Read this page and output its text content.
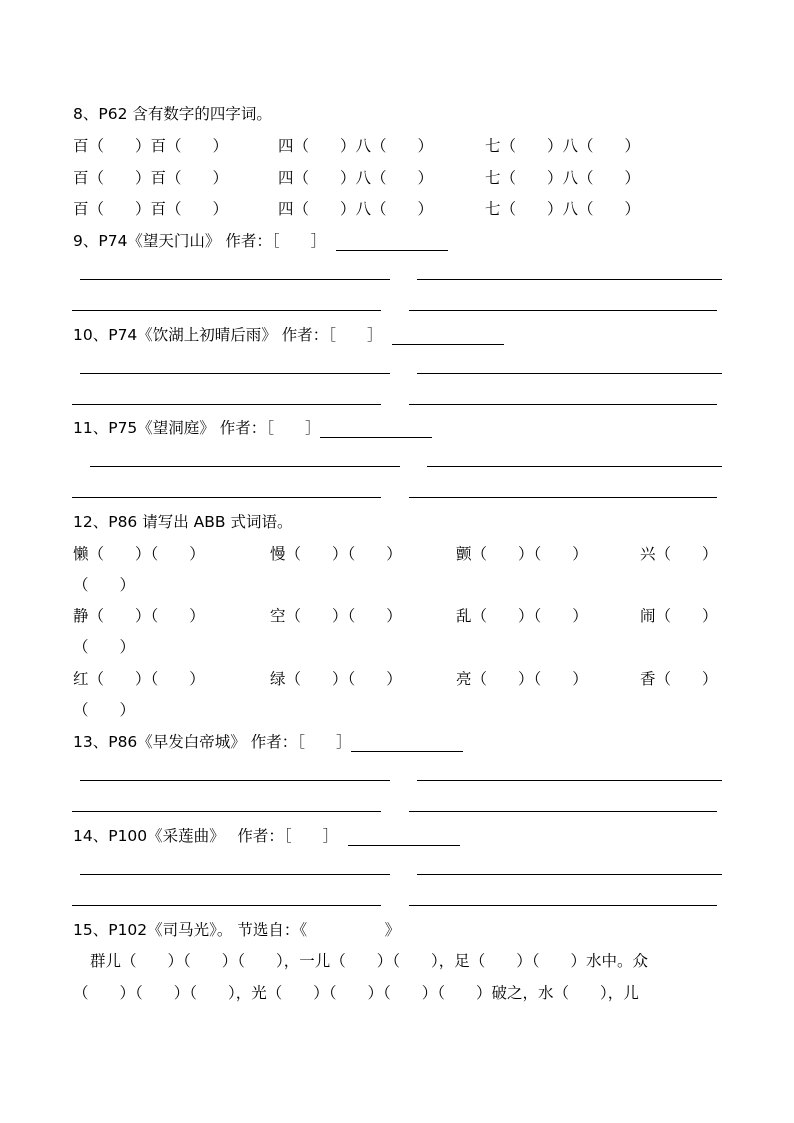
8、P62 含有数字的四字词。
百（　　）百（　　）	四（　　）八（　　）	七（　　）八（　　）
百（　　）百（　　）	四（　　）八（　　）	七（　　）八（　　）
百（　　）百（　　）	四（　　）八（　　）	七（　　）八（　　）
9、P74《望天门山》 作者：［　　］
10、P74《饮湖上初晴后雨》 作者：［　　］
11、P75《望洞庭》 作者：［　　］
12、P86 请写出 ABB 式词语。
懒（　　）（　　）	慢（　　）（　　）	颤（　　）（　　）	兴（　　）
（　　）
静（　　）（　　）	空（　　）（　　）	乱（　　）（　　）	闹（　　）
（　　）
红（　　）（　　）	绿（　　）（　　）	亮（　　）（　　）	香（　　）
（　　）
13、P86《早发白帝城》 作者：［　　］
14、P100《采莲曲》　 作者：［　　］
15、P102《司马光》。 节选自：《　　　　　》
群儿（　　）（　　）（　　），一儿（　　）（　　），足（　　）（　　）水中。众
（　　）（　　）（　　），光（　　）（　　）（　　）（　　）破之，水（　　），儿
